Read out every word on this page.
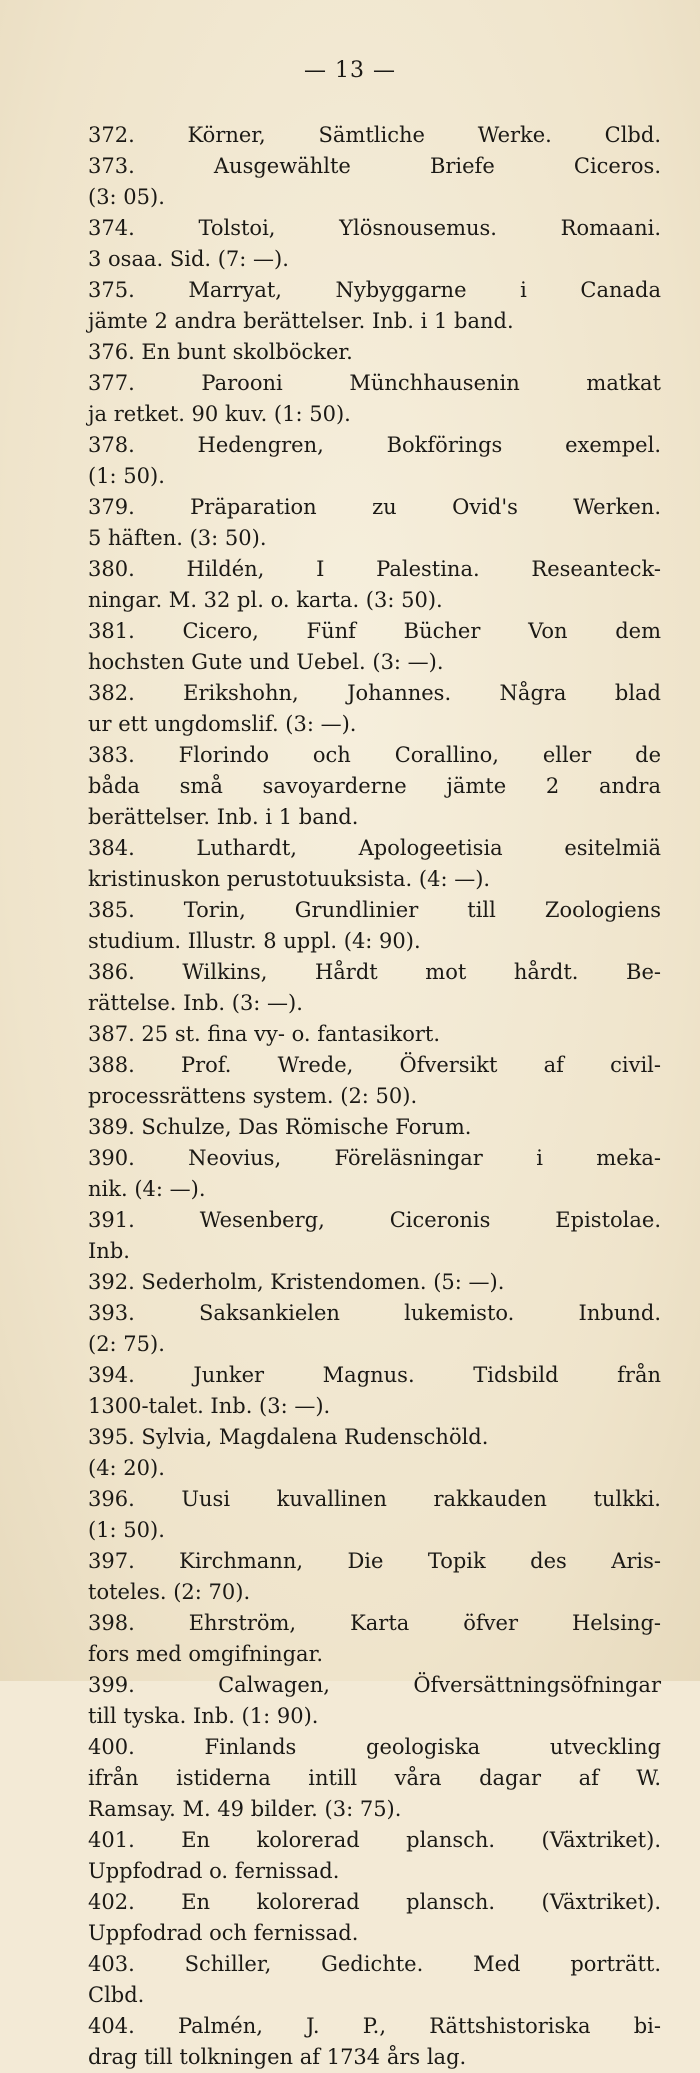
— 13 —
372. Körner, Sämtliche Werke. Clbd.
373. Ausgewählte Briefe Ciceros.
(3: 05).
374. Tolstoi, Ylösnousemus. Romaani.
3 osaa. Sid. (7: —).
375. Marryat, Nybyggarne i Canada
jämte 2 andra berättelser. Inb. i 1 band.
376. En bunt skolböcker.
377. Parooni Münchhausenin matkat
ja retket. 90 kuv. (1: 50).
378. Hedengren, Bokförings exempel.
(1: 50).
379. Präparation zu Ovid's Werken.
5 häften. (3: 50).
380. Hildén, I Palestina. Reseanteck-
ningar. M. 32 pl. o. karta. (3: 50).
381. Cicero, Fünf Bücher Von dem
hochsten Gute und Uebel. (3: —).
382. Erikshohn, Johannes. Några blad
ur ett ungdomslif. (3: —).
383. Florindo och Corallino, eller de
båda små savoyarderne jämte 2 andra
berättelser. Inb. i 1 band.
384. Luthardt, Apologeetisia esitelmiä
kristinuskon perustotuuksista. (4: —).
385. Torin, Grundlinier till Zoologiens
studium. Illustr. 8 uppl. (4: 90).
386. Wilkins, Hårdt mot hårdt. Be-
rättelse. Inb. (3: —).
387. 25 st. fina vy- o. fantasikort.
388. Prof. Wrede, Öfversikt af civil-
processrättens system. (2: 50).
389. Schulze, Das Römische Forum.
390. Neovius, Föreläsningar i meka-
nik. (4: —).
391. Wesenberg, Ciceronis Epistolae.
Inb.
392. Sederholm, Kristendomen. (5: —).
393. Saksankielen lukemisto. Inbund.
(2: 75).
394. Junker Magnus. Tidsbild från
1300-talet. Inb. (3: —).
395. Sylvia, Magdalena Rudenschöld.
(4: 20).
396. Uusi kuvallinen rakkauden tulkki.
(1: 50).
397. Kirchmann, Die Topik des Aris-
toteles. (2: 70).
398. Ehrström, Karta öfver Helsing-
fors med omgifningar.
399. Calwagen, Öfversättningsöfningar
till tyska. Inb. (1: 90).
400. Finlands geologiska utveckling
ifrån istiderna intill våra dagar af W.
Ramsay. M. 49 bilder. (3: 75).
401. En kolorerad plansch. (Växtriket).
Uppfodrad o. fernissad.
402. En kolorerad plansch. (Växtriket).
Uppfodrad och fernissad.
403. Schiller, Gedichte. Med porträtt.
Clbd.
404. Palmén, J. P., Rättshistoriska bi-
drag till tolkningen af 1734 års lag.
